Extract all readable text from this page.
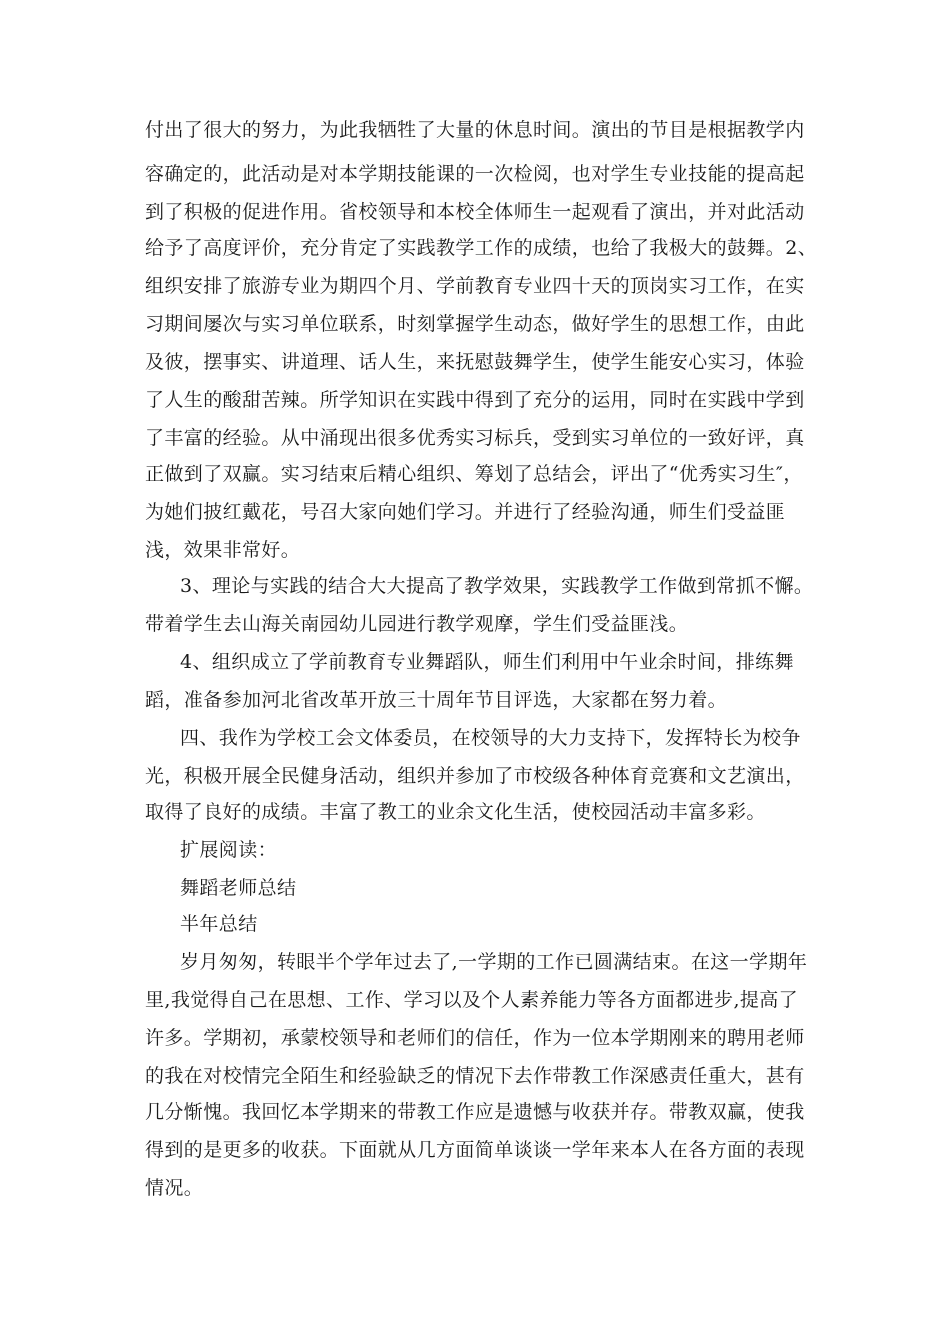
付出了很大的努力，为此我牺牲了大量的休息时间。演出的节目是根据教学内
容确定的，此活动是对本学期技能课的一次检阅，也对学生专业技能的提高起
到了积极的促进作用。省校领导和本校全体师生一起观看了演出，并对此活动
给予了高度评价，充分肯定了实践教学工作的成绩，也给了我极大的鼓舞。2、
组织安排了旅游专业为期四个月、学前教育专业四十天的顶岗实习工作，在实
习期间屡次与实习单位联系，时刻掌握学生动态，做好学生的思想工作，由此
及彼，摆事实、讲道理、话人生，来抚慰鼓舞学生，使学生能安心实习，体验
了人生的酸甜苦辣。所学知识在实践中得到了充分的运用，同时在实践中学到
了丰富的经验。从中涌现出很多优秀实习标兵，受到实习单位的一致好评，真
正做到了双赢。实习结束后精心组织、筹划了总结会，评出了“优秀实习生″，
为她们披红戴花，号召大家向她们学习。并进行了经验沟通，师生们受益匪
浅，效果非常好。
3、理论与实践的结合大大提高了教学效果，实践教学工作做到常抓不懈。
带着学生去山海关南园幼儿园进行教学观摩，学生们受益匪浅。
4、组织成立了学前教育专业舞蹈队，师生们利用中午业余时间，排练舞
蹈，准备参加河北省改革开放三十周年节目评选，大家都在努力着。
四、我作为学校工会文体委员，在校领导的大力支持下，发挥特长为校争
光，积极开展全民健身活动，组织并参加了市校级各种体育竞赛和文艺演出，
取得了良好的成绩。丰富了教工的业余文化生活，使校园活动丰富多彩。
扩展阅读：
舞蹈老师总结
半年总结
岁月匆匆，转眼半个学年过去了,一学期的工作已圆满结束。在这一学期年
里,我觉得自己在思想、工作、学习以及个人素养能力等各方面都进步,提高了
许多。学期初，承蒙校领导和老师们的信任，作为一位本学期刚来的聘用老师
的我在对校情完全陌生和经验缺乏的情况下去作带教工作深感责任重大，甚有
几分惭愧。我回忆本学期来的带教工作应是遗憾与收获并存。带教双赢，使我
得到的是更多的收获。下面就从几方面简单谈谈一学年来本人在各方面的表现
情况。
